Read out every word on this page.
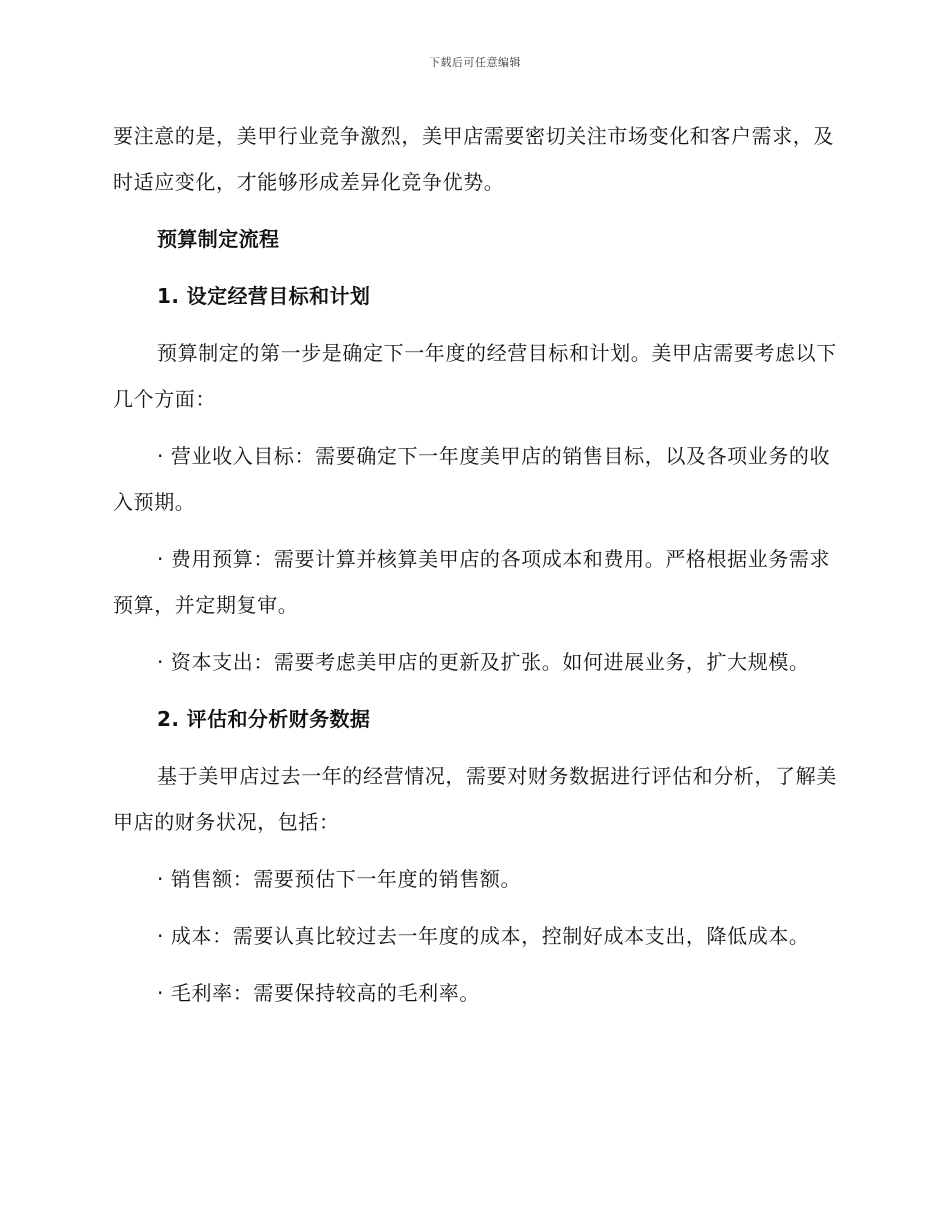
下载后可任意编辑

要注意的是，美甲行业竞争激烈，美甲店需要密切关注市场变化和客户需求，及时适应变化，才能够形成差异化竞争优势。

预算制定流程
1. 设定经营目标和计划

预算制定的第一步是确定下一年度的经营目标和计划。美甲店需要考虑以下几个方面：

· 营业收入目标：需要确定下一年度美甲店的销售目标，以及各项业务的收入预期。

· 费用预算：需要计算并核算美甲店的各项成本和费用。严格根据业务需求预算，并定期复审。

· 资本支出：需要考虑美甲店的更新及扩张。如何进展业务，扩大规模。

2. 评估和分析财务数据

基于美甲店过去一年的经营情况，需要对财务数据进行评估和分析，了解美甲店的财务状况，包括：

· 销售额：需要预估下一年度的销售额。

· 成本：需要认真比较过去一年度的成本，控制好成本支出，降低成本。

· 毛利率：需要保持较高的毛利率。
